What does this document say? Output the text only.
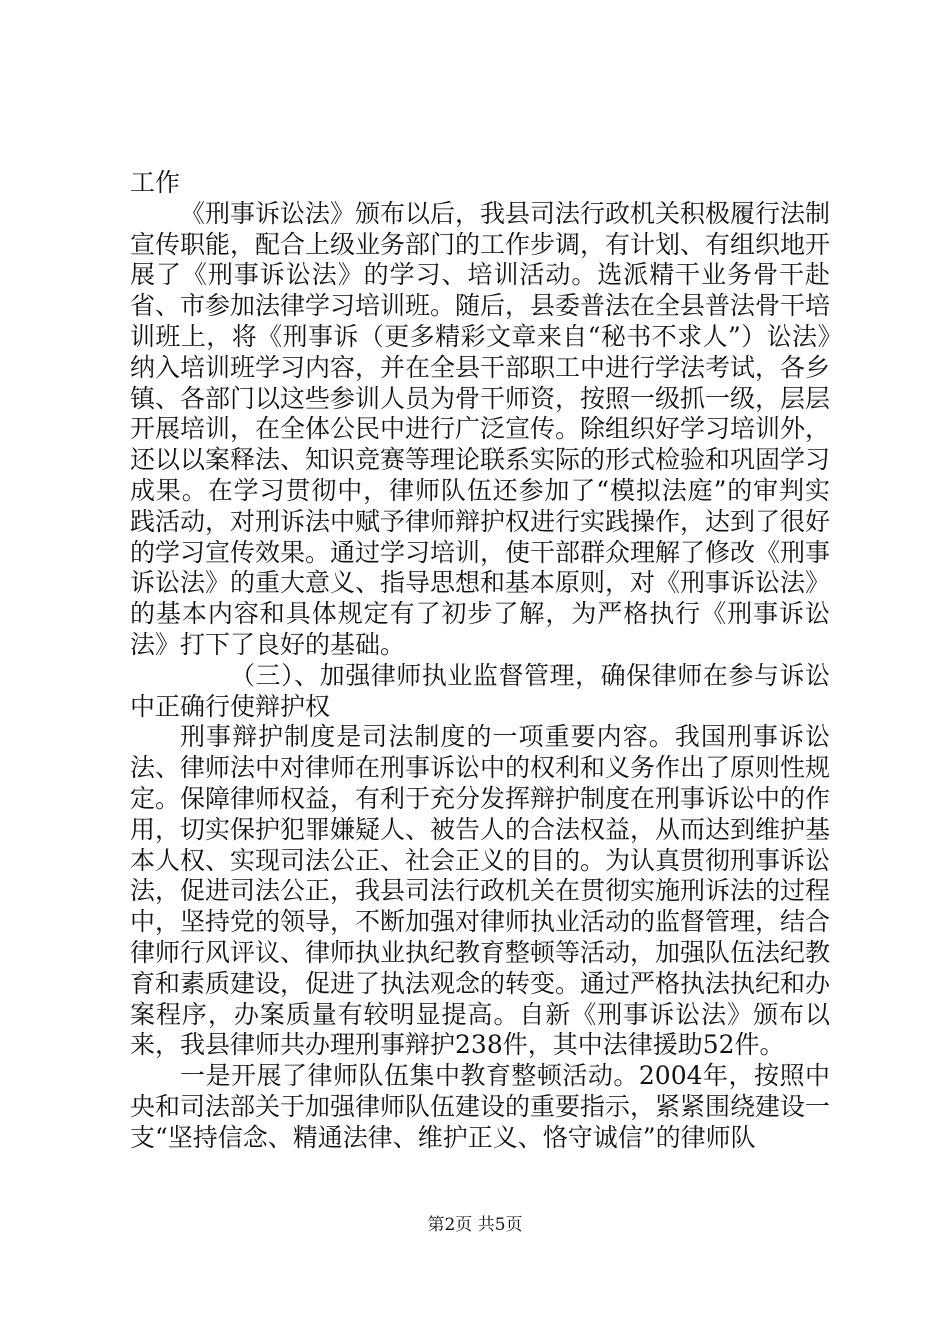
工作

《刑事诉讼法》颁布以后，我县司法行政机关积极履行法制宣传职能，配合上级业务部门的工作步调，有计划、有组织地开展了《刑事诉讼法》的学习、培训活动。选派精干业务骨干赴省、市参加法律学习培训班。随后，县委普法在全县普法骨干培训班上，将《刑事诉（更多精彩文章来自“秘书不求人”）讼法》纳入培训班学习内容，并在全县干部职工中进行学法考试，各乡镇、各部门以这些参训人员为骨干师资，按照一级抓一级，层层开展培训，在全体公民中进行广泛宣传。除组织好学习培训外，还以以案释法、知识竞赛等理论联系实际的形式检验和巩固学习成果。在学习贯彻中，律师队伍还参加了“模拟法庭”的审判实践活动，对刑诉法中赋予律师辩护权进行实践操作，达到了很好的学习宣传效果。通过学习培训，使干部群众理解了修改《刑事诉讼法》的重大意义、指导思想和基本原则，对《刑事诉讼法》的基本内容和具体规定有了初步了解，为严格执行《刑事诉讼法》打下了良好的基础。

（三）、加强律师执业监督管理，确保律师在参与诉讼中正确行使辩护权

刑事辩护制度是司法制度的一项重要内容。我国刑事诉讼法、律师法中对律师在刑事诉讼中的权利和义务作出了原则性规定。保障律师权益，有利于充分发挥辩护制度在刑事诉讼中的作用，切实保护犯罪嫌疑人、被告人的合法权益，从而达到维护基本人权、实现司法公正、社会正义的目的。为认真贯彻刑事诉讼法，促进司法公正，我县司法行政机关在贯彻实施刑诉法的过程中，坚持党的领导，不断加强对律师执业活动的监督管理，结合律师行风评议、律师执业执纪教育整顿等活动，加强队伍法纪教育和素质建设，促进了执法观念的转变。通过严格执法执纪和办案程序，办案质量有较明显提高。自新《刑事诉讼法》颁布以来，我县律师共办理刑事辩护238件，其中法律援助52件。

一是开展了律师队伍集中教育整顿活动。2004年，按照中央和司法部关于加强律师队伍建设的重要指示，紧紧围绕建设一支“坚持信念、精通法律、维护正义、恪守诚信”的律师队

第2页 共5页
